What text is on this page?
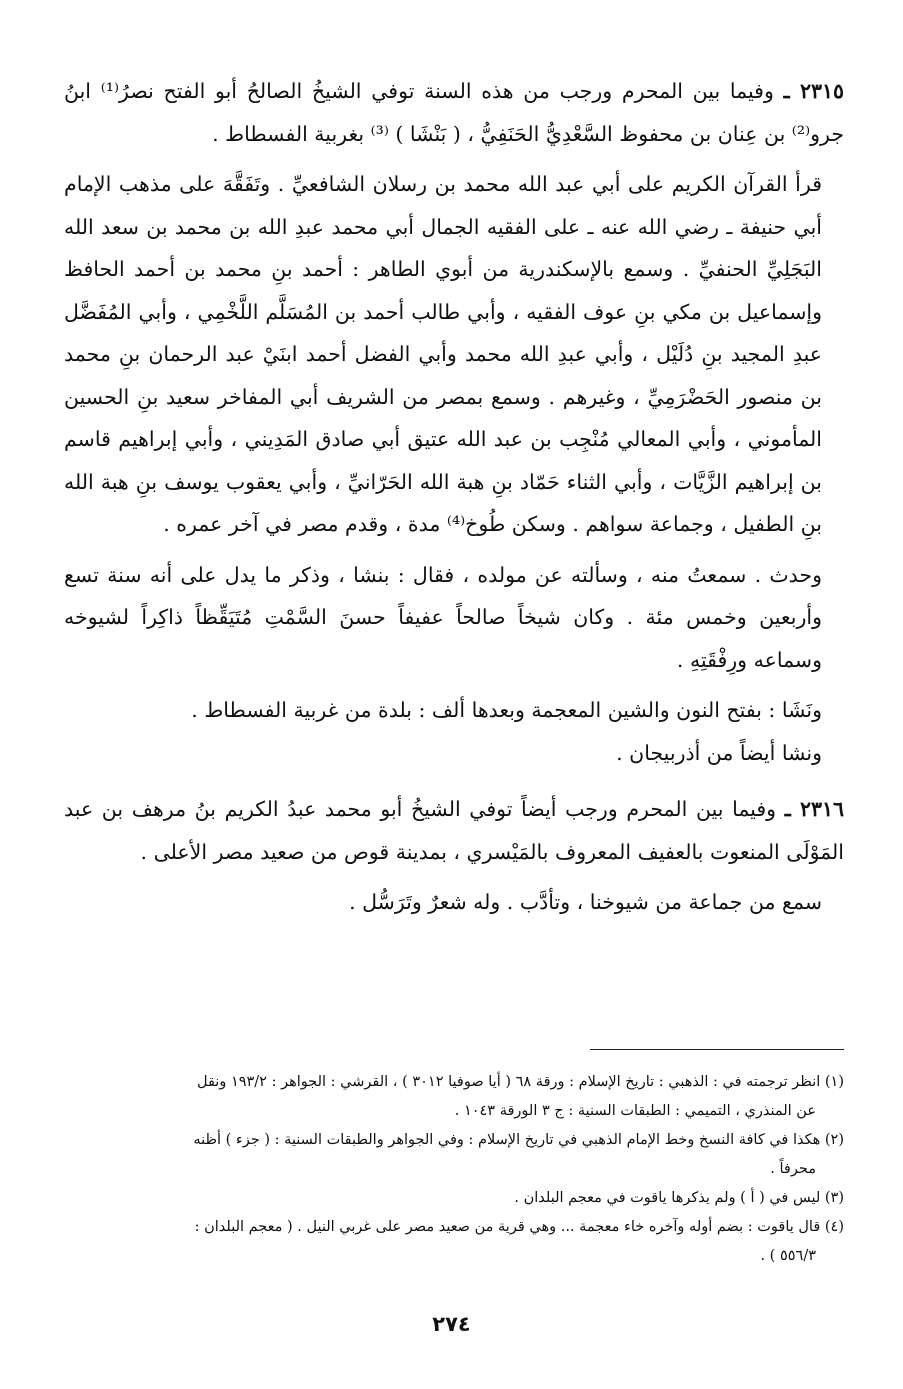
٢٣١٥ ـ وفيما بين المحرم ورجب من هذه السنة توفي الشيخُ الصالحُ أبو الفتح نصرُ⁽¹⁾ ابنُ جرو⁽²⁾ بن عِنان بن محفوظ السَّعْدِيُّ الحَنَفِيُّ ، ( بَنْشَا ) ⁽³⁾ بغربية الفسطاط .

قرأ القرآن الكريم على أبي عبد الله محمد بن رسلان الشافعيِّ . وتَفَقَّهَ على مذهب الإمام أبي حنيفة ـ رضي الله عنه ـ على الفقيه الجمال أبي محمد عبدِ الله بن محمد بن سعد الله البَجَلِيِّ الحنفيِّ . وسمع بالإسكندرية من أبوي الطاهر : أحمد بنِ محمد بن أحمد الحافظ وإسماعيل بن مكي بنِ عوف الفقيه ، وأبي طالب أحمد بن المُسَلَّم اللَّخْمِي ، وأبي المُفَضَّل عبدِ المجيد بنِ دُلَيْل ، وأبي عبدِ الله محمد وأبي الفضل أحمد ابنَيْ عبد الرحمان بنِ محمد بن منصور الحَضْرَمِيِّ ، وغيرهم . وسمع بمصر من الشريف أبي المفاخر سعيد بنِ الحسين المأموني ، وأبي المعالي مُنْجِب بن عبد الله عتيق أبي صادق المَدِيني ، وأبي إبراهيم قاسم بن إبراهيم الزَّيَّات ، وأبي الثناء حَمّاد بنِ هبة الله الحَرّانيِّ ، وأبي يعقوب يوسف بنِ هبة الله بنِ الطفيل ، وجماعة سواهم . وسكن طُوخ⁽⁴⁾ مدة ، وقدم مصر في آخر عمره .

وحدث . سمعتُ منه ، وسألته عن مولده ، فقال : بنشا ، وذكر ما يدل على أنه سنة تسع وأربعين وخمس مئة . وكان شيخاً صالحاً عفيفاً حسنَ السَّمْتِ مُتَيَقِّظاً ذاكِراً لشيوخه وسماعه ورِفْقَتِهِ .

ونَشَا : بفتح النون والشين المعجمة وبعدها ألف : بلدة من غربية الفسطاط .

ونشا أيضاً من أذربيجان .

٢٣١٦ ـ وفيما بين المحرم ورجب أيضاً توفي الشيخُ أبو محمد عبدُ الكريم بنُ مرهف بن عبد المَوْلَى المنعوت بالعفيف المعروف بالمَيْسري ، بمدينة قوص من صعيد مصر الأعلى .

سمع من جماعة من شيوخنا ، وتأدَّب . وله شعرٌ وتَرَسُّل .

(١) انظر ترجمته في : الذهبي : تاريخ الإسلام : ورقة ٦٨ ( أيا صوفيا ٣٠١٢ ) ، القرشي : الجواهر : ١٩٣/٢ ونقل

عن المنذري ، التميمي : الطبقات السنية : ج ٣ الورقة ١٠٤٣ .

(٢) هكذا في كافة النسخ وخط الإمام الذهبي في تاريخ الإسلام : وفي الجواهر والطبقات السنية : ( جزء ) أظنه

محرفاً .

(٣) ليس في ( أ ) ولم يذكرها ياقوت في معجم البلدان .

(٤) قال ياقوت : بضم أوله وآخره خاء معجمة ... وهي قرية من صعيد مصر على غربي النيل . ( معجم البلدان :

٥٥٦/٣ ) .

٢٧٤
